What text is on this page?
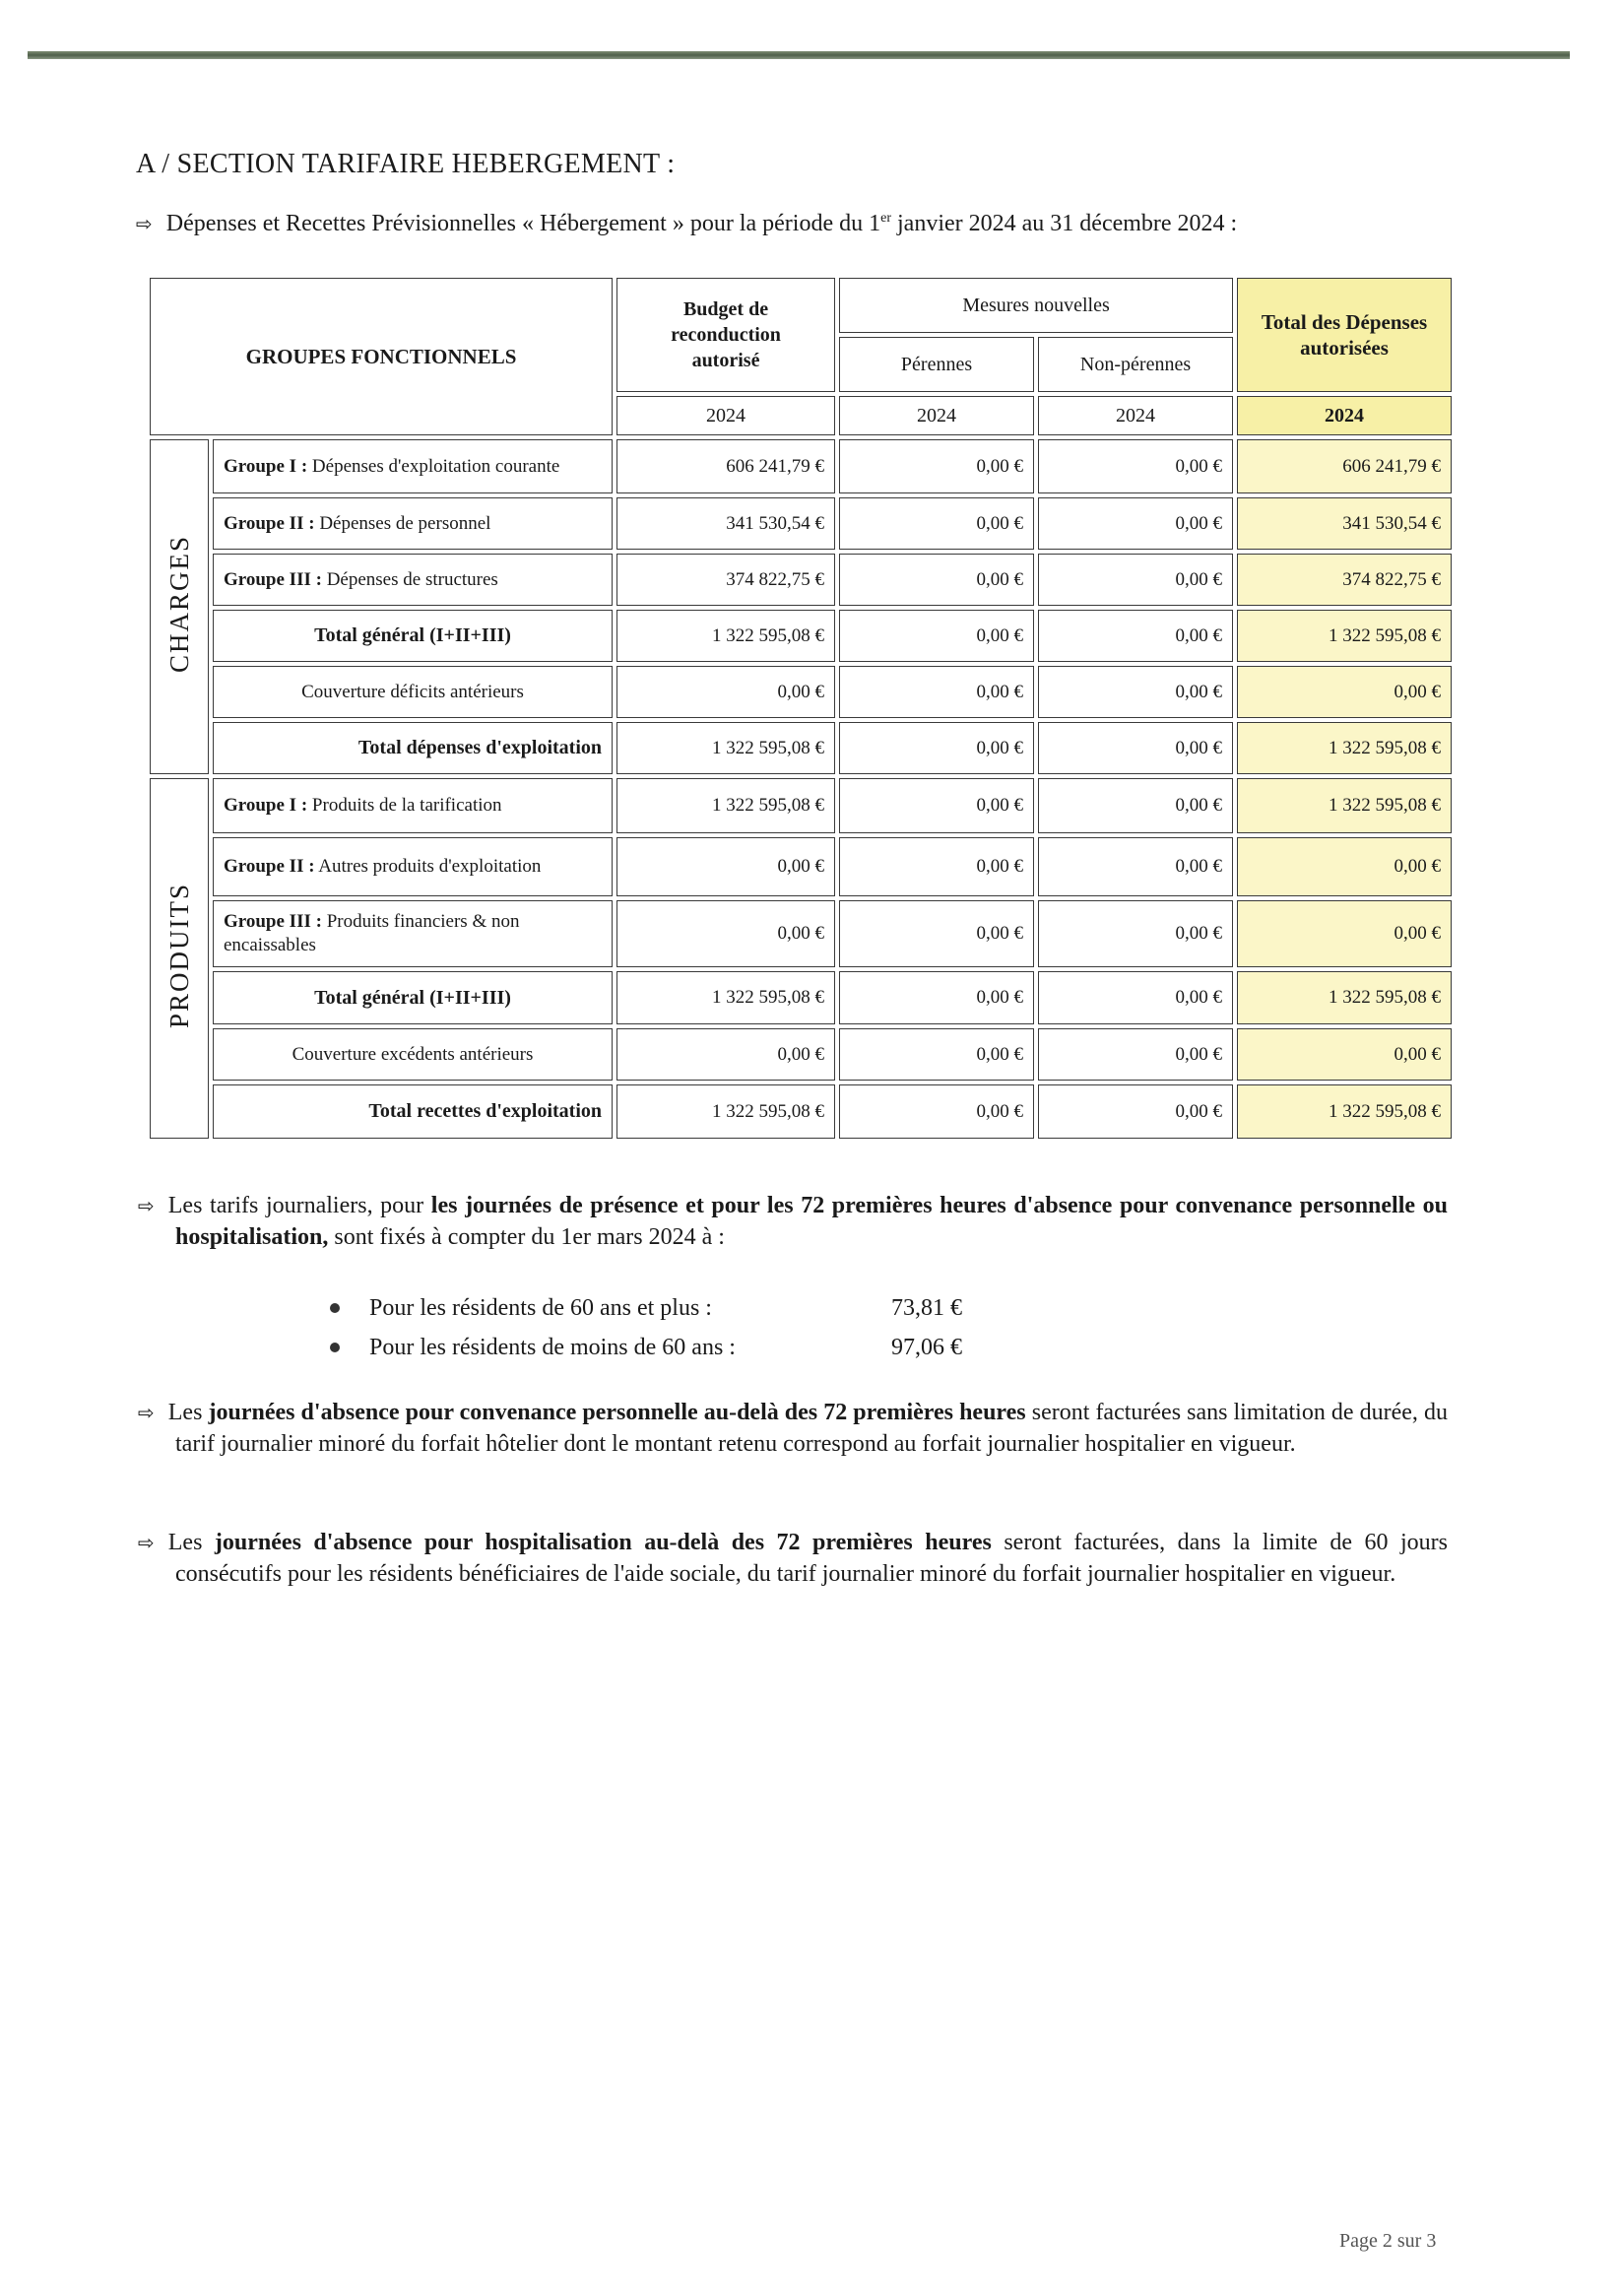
A / SECTION TARIFAIRE HEBERGEMENT :
⇨ Dépenses et Recettes Prévisionnelles « Hébergement » pour la période du 1er janvier 2024 au 31 décembre 2024 :
GROUPES FONCTIONNELS		Budget de reconduction autorisé	Mesures nouvelles		Total des Dépenses autorisées
			Pérennes	Non-pérennes	
		2024	2024	2024	2024
CHARGES	Groupe I : Dépenses d'exploitation courante	606 241,79 €	0,00 €	0,00 €	606 241,79 €
	Groupe II : Dépenses de personnel	341 530,54 €	0,00 €	0,00 €	341 530,54 €
	Groupe III : Dépenses de structures	374 822,75 €	0,00 €	0,00 €	374 822,75 €
	Total général (I+II+III)	1 322 595,08 €	0,00 €	0,00 €	1 322 595,08 €
	Couverture déficits antérieurs	0,00 €	0,00 €	0,00 €	0,00 €
	Total dépenses d'exploitation	1 322 595,08 €	0,00 €	0,00 €	1 322 595,08 €
PRODUITS	Groupe I : Produits de la tarification	1 322 595,08 €	0,00 €	0,00 €	1 322 595,08 €
	Groupe II : Autres produits d'exploitation	0,00 €	0,00 €	0,00 €	0,00 €
	Groupe III : Produits financiers & non encaissables	0,00 €	0,00 €	0,00 €	0,00 €
	Total général (I+II+III)	1 322 595,08 €	0,00 €	0,00 €	1 322 595,08 €
	Couverture excédents antérieurs	0,00 €	0,00 €	0,00 €	0,00 €
	Total recettes d'exploitation	1 322 595,08 €	0,00 €	0,00 €	1 322 595,08 €
⇨ Les tarifs journaliers, pour les journées de présence et pour les 72 premières heures d'absence pour convenance personnelle ou hospitalisation, sont fixés à compter du 1er mars 2024 à :
Pour les résidents de 60 ans et plus :	73,81 €
Pour les résidents de moins de 60 ans :	97,06 €
⇨ Les journées d'absence pour convenance personnelle au-delà des 72 premières heures seront facturées sans limitation de durée, du tarif journalier minoré du forfait hôtelier dont le montant retenu correspond au forfait journalier hospitalier en vigueur.
⇨ Les journées d'absence pour hospitalisation au-delà des 72 premières heures seront facturées, dans la limite de 60 jours consécutifs pour les résidents bénéficiaires de l'aide sociale, du tarif journalier minoré du forfait journalier hospitalier en vigueur.
Page 2 sur 3
